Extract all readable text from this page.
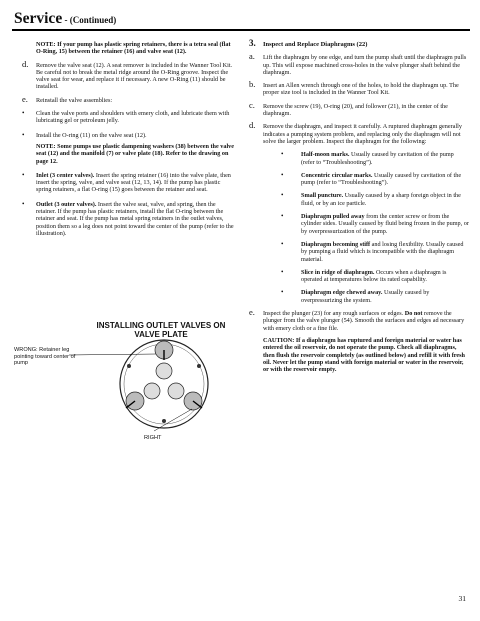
Service - (Continued)

NOTE: If your pump has plastic spring retainers, there is a tetra seal (flat O-Ring, 15) between the retainer (16) and valve seat (12).

d. Remove the valve seat (12). A seat remover is included in the Wanner Tool Kit. Be careful not to break the metal ridge around the O-Ring groove. Inspect the valve seat for wear, and replace it if necessary. A new O-Ring (11) should be installed.

e. Reinstall the valve assemblies:

• Clean the valve ports and shoulders with emery cloth, and lubricate them with lubricating gel or petroleum jelly.

• Install the O-ring (11) on the valve seat (12).

NOTE: Some pumps use plastic dampening washers (38) between the valve seat (12) and the manifold (7) or valve plate (18). Refer to the drawing on page 12.

• Inlet (3 center valves). Insert the spring retainer (16) into the valve plate, then insert the spring, valve, and valve seat (12, 13, 14). If the pump has plastic spring retainers, a flat O-ring (15) goes between the retainer and seat.

• Outlet (3 outer valves). Insert the valve seat, valve, and spring, then the retainer. If the pump has plastic retainers, install the flat O-ring between the retainer and seat. If the pump has metal spring retainers in the outlet valves, position them so a leg does not point toward the center of the pump (refer to the illustration).

INSTALLING OUTLET VALVES ON VALVE PLATE
WRONG: Retainer leg pointing toward center of pump
RIGHT
3. Inspect and Replace Diaphragms (22)
a. Lift the diaphragm by one edge, and turn the pump shaft until the diaphragm pulls up. This will expose machined cross-holes in the valve plunger shaft behind the diaphragm.

b. Insert an Allen wrench through one of the holes, to hold the diaphragm up. The proper size tool is included in the Wanner Tool Kit.

c. Remove the screw (19), O-ring (20), and follower (21), in the center of the diaphragm.

d. Remove the diaphragm, and inspect it carefully. A ruptured diaphragm generally indicates a pumping system problem, and replacing only the diaphragm will not solve the larger problem. Inspect the diaphragm for the following:

•	Half-moon marks. Usually caused by cavitation of the pump (refer to “Troubleshooting”).

•	Concentric circular marks. Usually caused by cavitation of the pump (refer to “Troubleshooting”).

•	Small puncture. Usually caused by a sharp foreign object in the fluid, or by an ice particle.

•	Diaphragm pulled away from the center screw or from the cylinder sides. Usually caused by fluid being frozen in the pump, or by overpressurization of the pump.

•	Diaphragm becoming stiff and losing flexibility. Usually caused by pumping a fluid which is incompatible with the diaphragm material.

•	Slice in ridge of diaphragm. Occurs when a diaphragm is operated at temperatures below its rated capability.

•	Diaphragm edge chewed away. Usually caused by overpressurizing the system.

e. Inspect the plunger (23) for any rough surfaces or edges. Do not remove the plunger from the valve plunger (54). Smooth the surfaces and edges ad necessary with emery cloth or a fine file.

CAUTION: If a diaphragm has ruptured and foreign material or water has entered the oil reservoir, do not operate the pump. Check all diaphragms, then flush the reservoir completely (as outlined below) and refill it with fresh oil. Never let the pump stand with foreign material or water in the reservoir, or with the reservoir empty.

31
